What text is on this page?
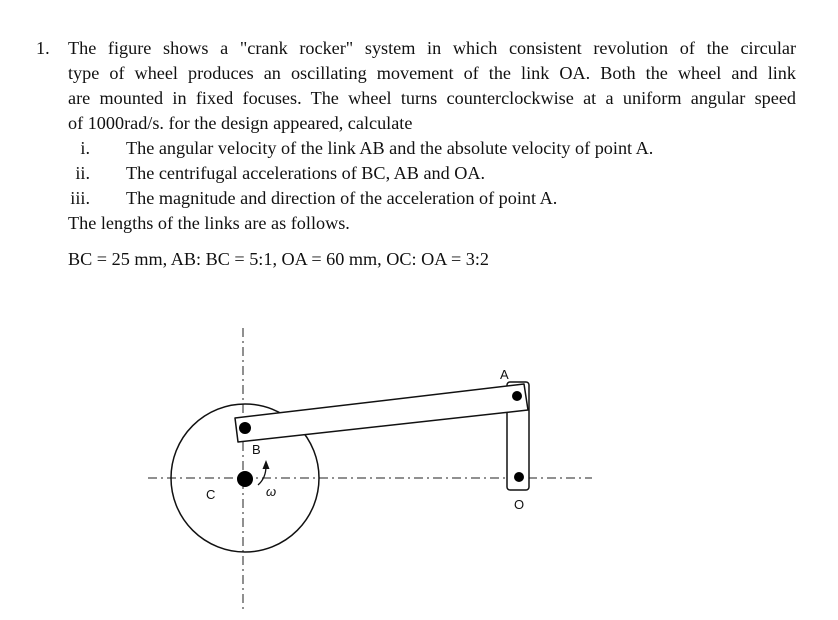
1. The figure shows a "crank rocker" system in which consistent revolution of the circular
type of wheel produces an oscillating movement of the link OA. Both the wheel and link
are mounted in fixed focuses. The wheel turns counterclockwise at a uniform angular speed
of 1000rad/s. for the design appeared, calculate
i. The angular velocity of the link AB and the absolute velocity of point A.
ii. The centrifugal accelerations of BC, AB and OA.
iii. The magnitude and direction of the acceleration of point A.
The lengths of the links are as follows.
BC = 25 mm, AB: BC = 5:1, OA = 60 mm, OC: OA = 3:2
A
B
C
O
ω
